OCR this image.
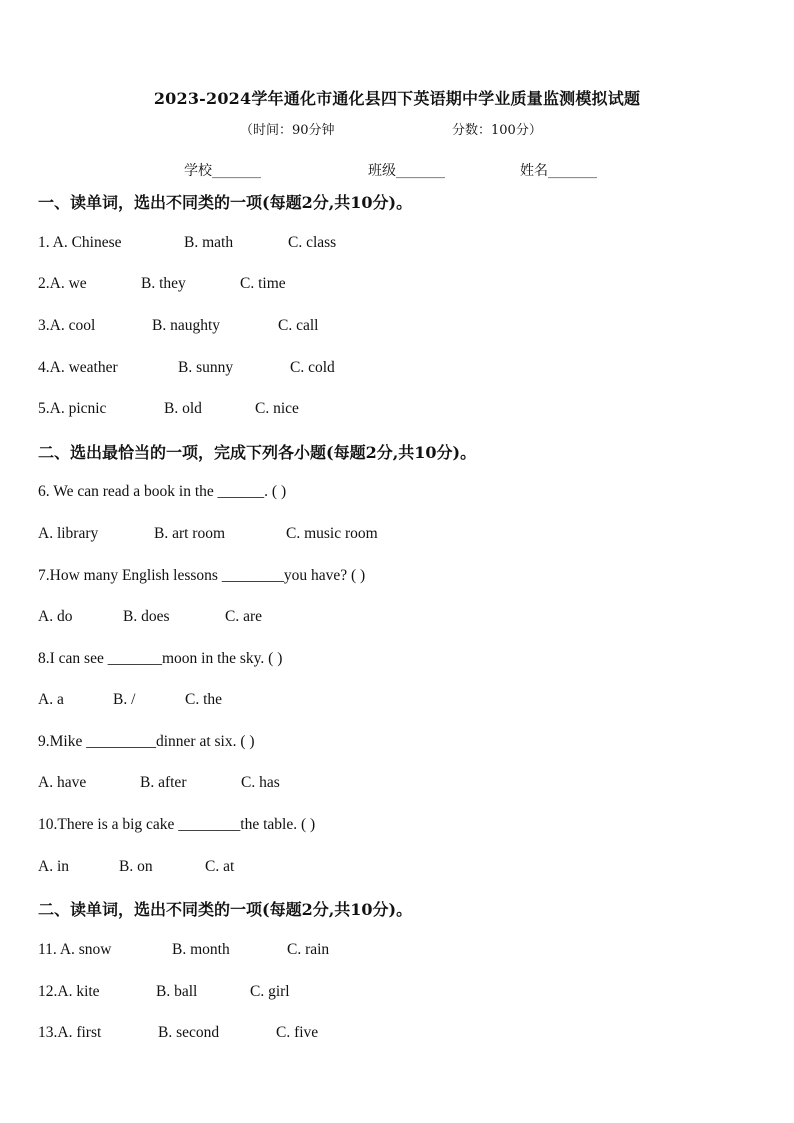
2023-2024学年通化市通化县四下英语期中学业质量监测模拟试题
（时间：90分钟	分数：100分）
学校_______	班级_______	姓名_______
一、读单词，选出不同类的一项(每题2分,共10分)。
1. A. Chinese	B. math	C. class
2.A. we	B. they	C. time
3.A. cool	B. naughty	C. call
4.A. weather	B. sunny	C. cold
5.A. picnic	B. old	C. nice
二、选出最恰当的一项，完成下列各小题(每题2分,共10分)。
6. We can read a book in the ______. ( )
A. library	B. art room	C. music room
7.How many English lessons ________you have? ( )
A. do	B. does	C. are
8.I can see _______moon in the sky. ( )
A. a	B. /	C. the
9.Mike _________dinner at six. ( )
A. have	B. after	C. has
10.There is a big cake ________the table. ( )
A. in	B. on	C. at
二、读单词，选出不同类的一项(每题2分,共10分)。
11. A. snow	B. month	C. rain
12.A. kite	B. ball	C. girl
13.A. first	B. second	C. five
